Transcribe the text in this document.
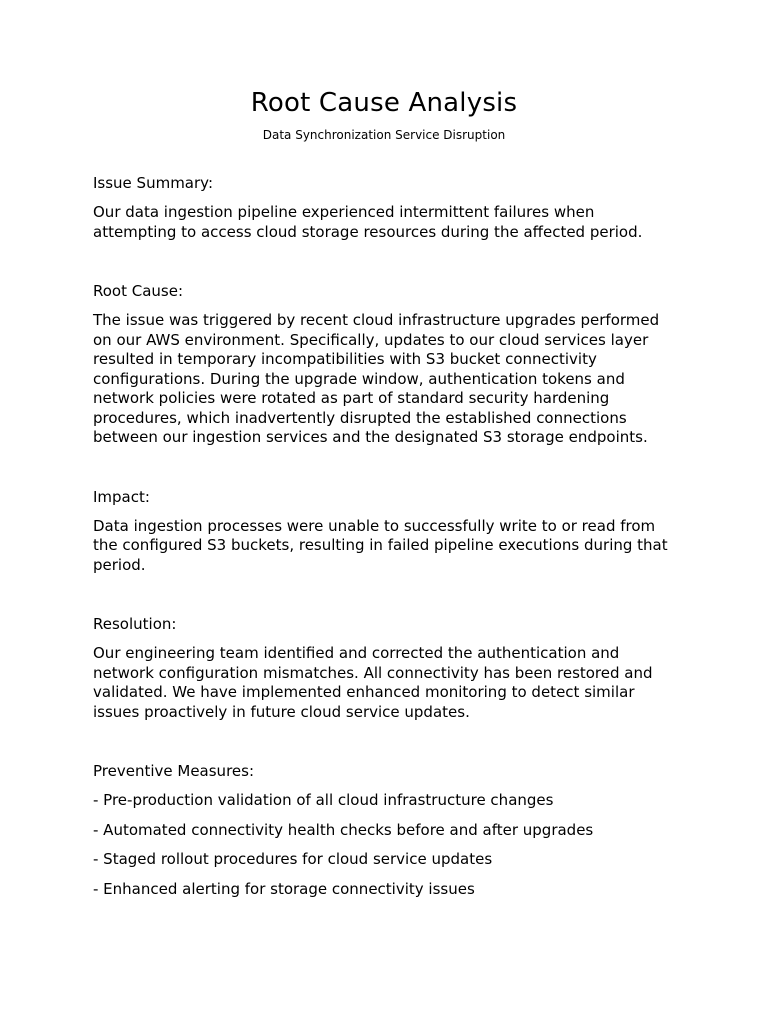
Root Cause Analysis

Data Synchronization Service Disruption

Issue Summary:

Our data ingestion pipeline experienced intermittent failures when attempting to access cloud storage resources during the affected period.

Root Cause:

The issue was triggered by recent cloud infrastructure upgrades performed on our AWS environment. Specifically, updates to our cloud services layer resulted in temporary incompatibilities with S3 bucket connectivity configurations. During the upgrade window, authentication tokens and network policies were rotated as part of standard security hardening procedures, which inadvertently disrupted the established connections between our ingestion services and the designated S3 storage endpoints.

Impact:

Data ingestion processes were unable to successfully write to or read from the configured S3 buckets, resulting in failed pipeline executions during that period.

Resolution:

Our engineering team identified and corrected the authentication and network configuration mismatches. All connectivity has been restored and validated. We have implemented enhanced monitoring to detect similar issues proactively in future cloud service updates.

Preventive Measures:
- Pre-production validation of all cloud infrastructure changes
- Automated connectivity health checks before and after upgrades
- Staged rollout procedures for cloud service updates
- Enhanced alerting for storage connectivity issues
